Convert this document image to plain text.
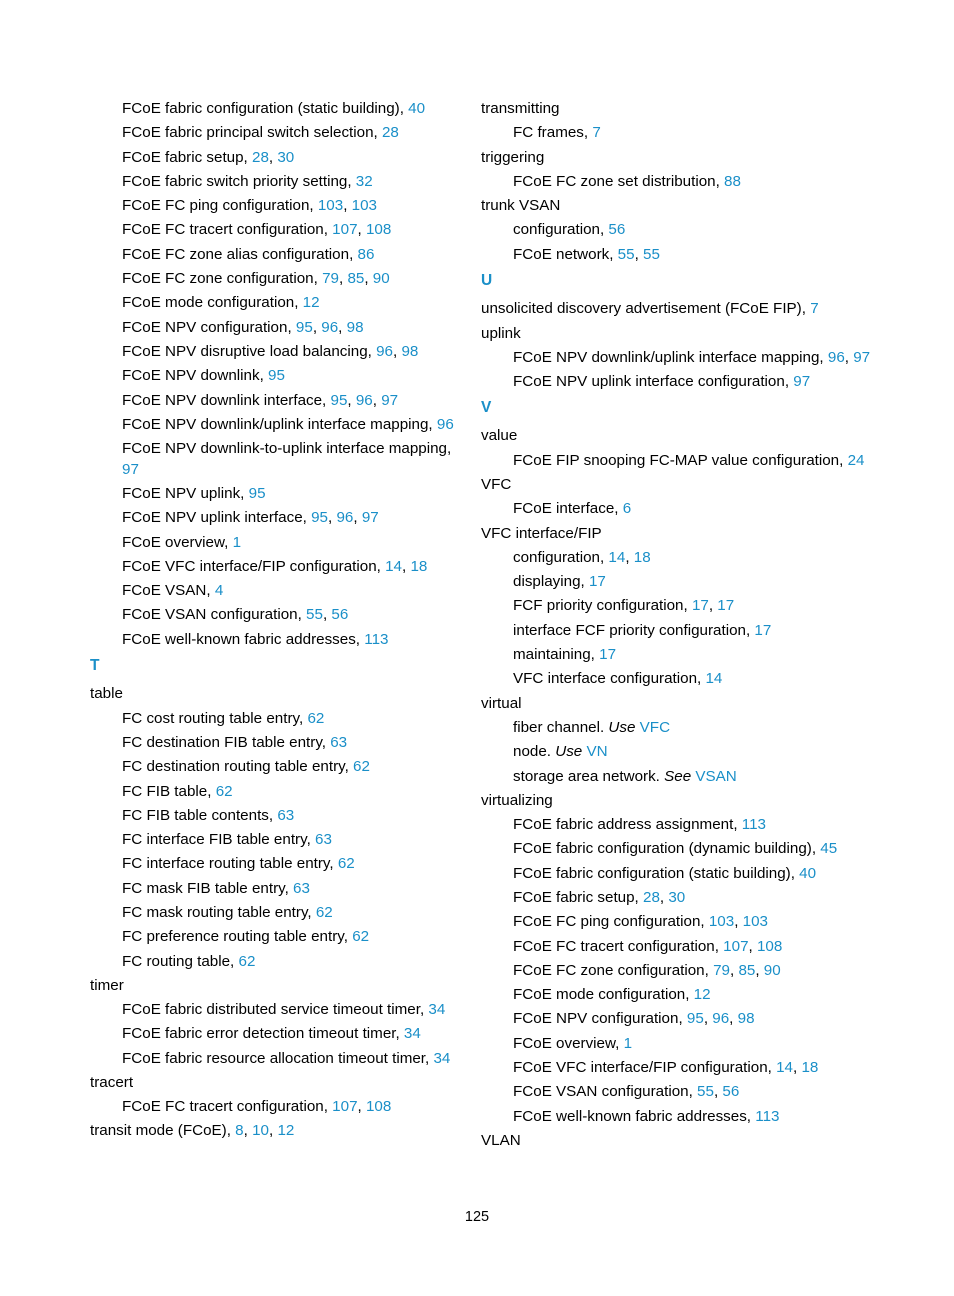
FCoE fabric configuration (static building), 40
FCoE fabric principal switch selection, 28
FCoE fabric setup, 28, 30
FCoE fabric switch priority setting, 32
FCoE FC ping configuration, 103, 103
FCoE FC tracert configuration, 107, 108
FCoE FC zone alias configuration, 86
FCoE FC zone configuration, 79, 85, 90
FCoE mode configuration, 12
FCoE NPV configuration, 95, 96, 98
FCoE NPV disruptive load balancing, 96, 98
FCoE NPV downlink, 95
FCoE NPV downlink interface, 95, 96, 97
FCoE NPV downlink/uplink interface mapping, 96
FCoE NPV downlink-to-uplink interface mapping, 97
FCoE NPV uplink, 95
FCoE NPV uplink interface, 95, 96, 97
FCoE overview, 1
FCoE VFC interface/FIP configuration, 14, 18
FCoE VSAN, 4
FCoE VSAN configuration, 55, 56
FCoE well-known fabric addresses, 113
T
table
FC cost routing table entry, 62
FC destination FIB table entry, 63
FC destination routing table entry, 62
FC FIB table, 62
FC FIB table contents, 63
FC interface FIB table entry, 63
FC interface routing table entry, 62
FC mask FIB table entry, 63
FC mask routing table entry, 62
FC preference routing table entry, 62
FC routing table, 62
timer
FCoE fabric distributed service timeout timer, 34
FCoE fabric error detection timeout timer, 34
FCoE fabric resource allocation timeout timer, 34
tracert
FCoE FC tracert configuration, 107, 108
transit mode (FCoE), 8, 10, 12
transmitting
FC frames, 7
triggering
FCoE FC zone set distribution, 88
trunk VSAN
configuration, 56
FCoE network, 55, 55
U
unsolicited discovery advertisement (FCoE FIP), 7
uplink
FCoE NPV downlink/uplink interface mapping, 96, 97
FCoE NPV uplink interface configuration, 97
V
value
FCoE FIP snooping FC-MAP value configuration, 24
VFC
FCoE interface, 6
VFC interface/FIP
configuration, 14, 18
displaying, 17
FCF priority configuration, 17, 17
interface FCF priority configuration, 17
maintaining, 17
VFC interface configuration, 14
virtual
fiber channel. Use VFC
node. Use VN
storage area network. See VSAN
virtualizing
FCoE fabric address assignment, 113
FCoE fabric configuration (dynamic building), 45
FCoE fabric configuration (static building), 40
FCoE fabric setup, 28, 30
FCoE FC ping configuration, 103, 103
FCoE FC tracert configuration, 107, 108
FCoE FC zone configuration, 79, 85, 90
FCoE mode configuration, 12
FCoE NPV configuration, 95, 96, 98
FCoE overview, 1
FCoE VFC interface/FIP configuration, 14, 18
FCoE VSAN configuration, 55, 56
FCoE well-known fabric addresses, 113
VLAN
125
